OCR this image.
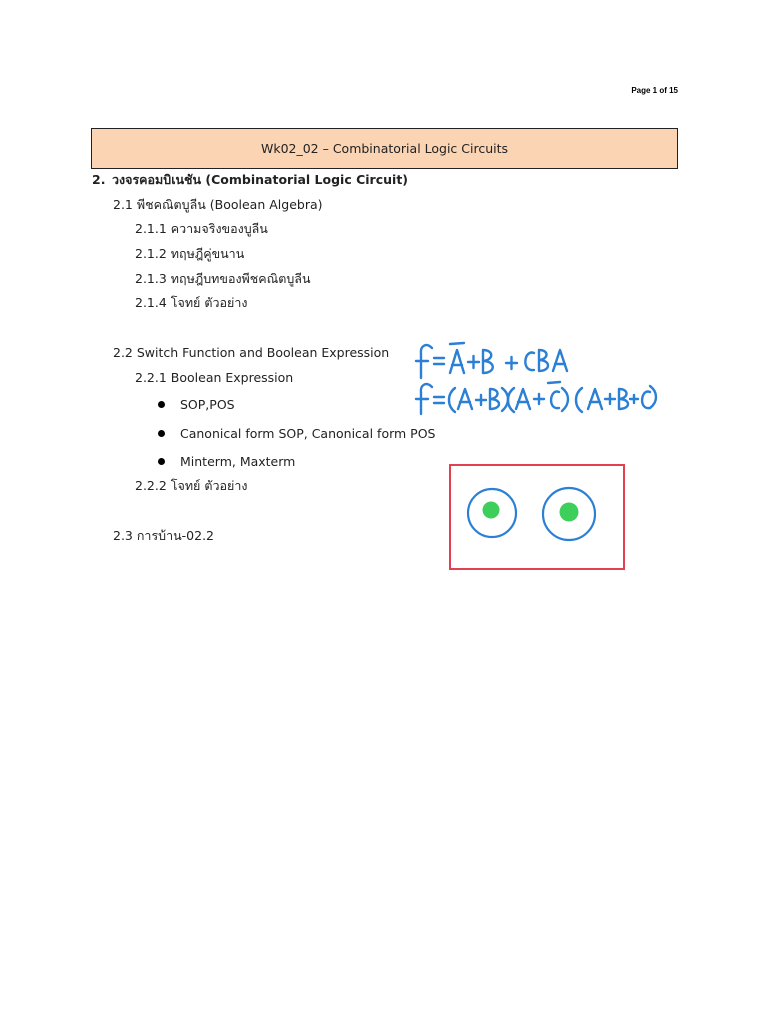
Page 1 of 15
Wk02_02 – Combinatorial Logic Circuits
2. วงจรคอมบิเนชัน (Combinatorial Logic Circuit)
2.1 พีชคณิตบูลีน (Boolean Algebra)
2.1.1 ความจริงของบูลีน
2.1.2 ทฤษฎีคู่ขนาน
2.1.3 ทฤษฎีบทของพีชคณิตบูลีน
2.1.4 โจทย์ ตัวอย่าง
2.2 Switch Function and Boolean Expression
2.2.1 Boolean Expression
SOP,POS
Canonical form SOP, Canonical form POS
Minterm, Maxterm
2.2.2 โจทย์ ตัวอย่าง
2.3 การบ้าน-02.2
